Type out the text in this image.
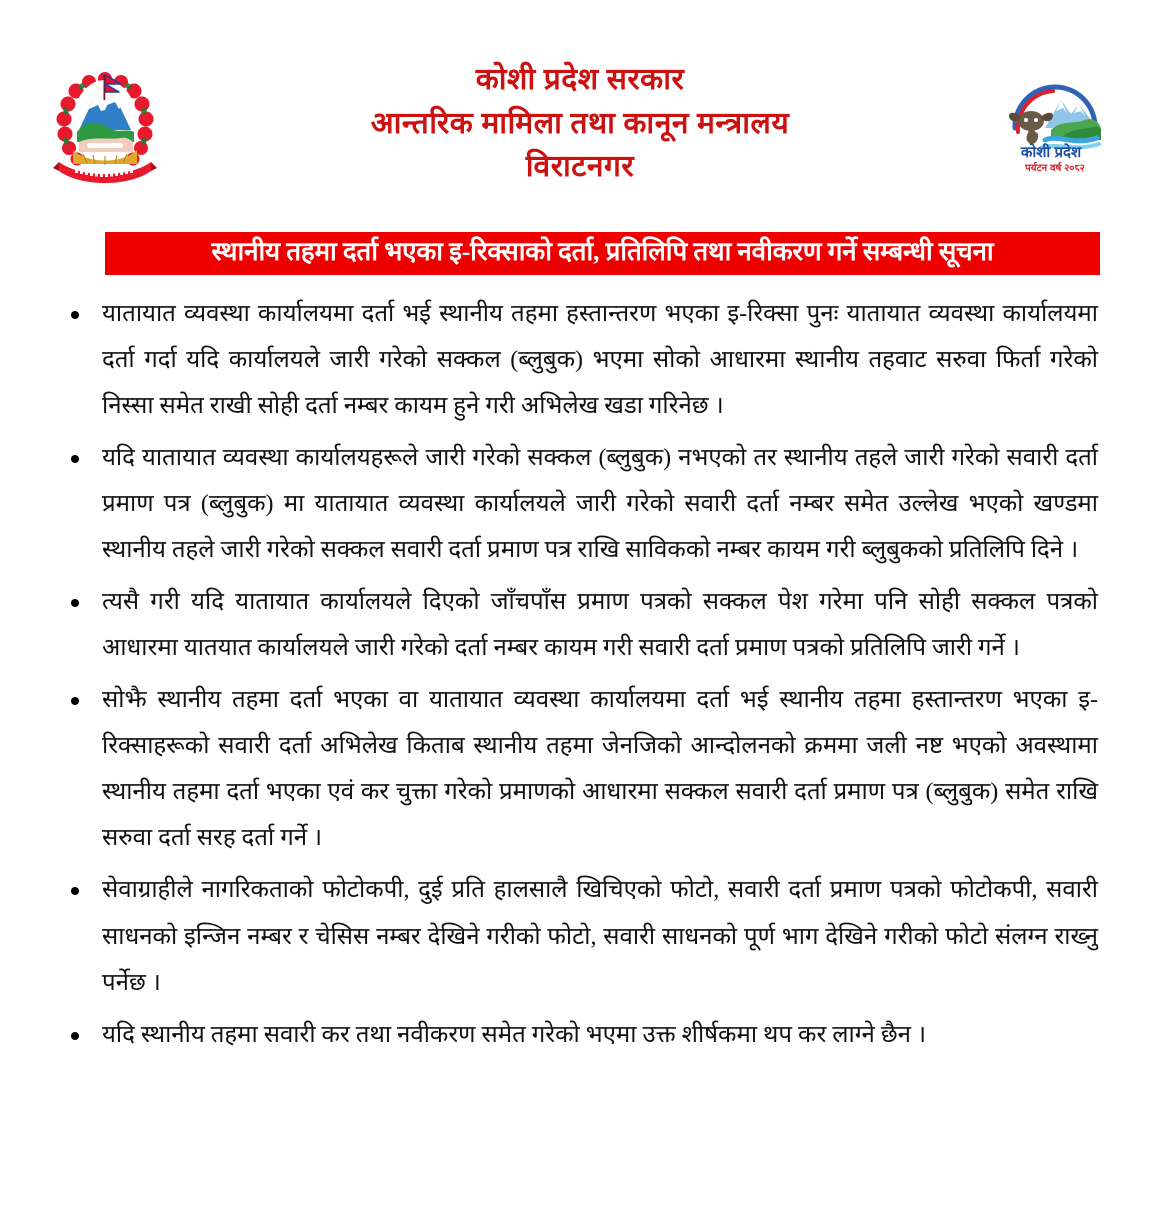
कोशी प्रदेश सरकार
आन्तरिक मामिला तथा कानून मन्त्रालय
विराटनगर	कोशी प्रदेश
पर्यटन वर्ष २०८२
स्थानीय तहमा दर्ता भएका इ-रिक्साको दर्ता, प्रतिलिपि तथा नवीकरण गर्ने सम्बन्धी सूचना
यातायात व्यवस्था कार्यालयमा दर्ता भई स्थानीय तहमा हस्तान्तरण भएका इ-रिक्सा पुनः यातायात व्यवस्था कार्यालयमा दर्ता गर्दा यदि कार्यालयले जारी गरेको सक्कल (ब्लुबुक) भएमा सोको आधारमा स्थानीय तहवाट सरुवा फिर्ता गरेको निस्सा समेत राखी सोही दर्ता नम्बर कायम हुने गरी अभिलेख खडा गरिनेछ ।
यदि यातायात व्यवस्था कार्यालयहरूले जारी गरेको सक्कल (ब्लुबुक) नभएको तर स्थानीय तहले जारी गरेको सवारी दर्ता प्रमाण पत्र (ब्लुबुक) मा यातायात व्यवस्था कार्यालयले जारी गरेको सवारी दर्ता नम्बर समेत उल्लेख भएको खण्डमा स्थानीय तहले जारी गरेको सक्कल सवारी दर्ता प्रमाण पत्र राखि साविकको नम्बर कायम गरी ब्लुबुकको प्रतिलिपि दिने ।
त्यसै गरी यदि यातायात कार्यालयले दिएको जाँचपाँस प्रमाण पत्रको सक्कल पेश गरेमा पनि सोही सक्कल पत्रको आधारमा यातयात कार्यालयले जारी गरेको दर्ता नम्बर कायम गरी सवारी दर्ता प्रमाण पत्रको प्रतिलिपि जारी गर्ने ।
सोझै स्थानीय तहमा दर्ता भएका वा यातायात व्यवस्था कार्यालयमा दर्ता भई स्थानीय तहमा हस्तान्तरण भएका इ-रिक्साहरूको सवारी दर्ता अभिलेख किताब स्थानीय तहमा जेनजिको आन्दोलनको क्रममा जली नष्ट भएको अवस्थामा स्थानीय तहमा दर्ता भएका एवं कर चुक्ता गरेको प्रमाणको आधारमा सक्कल सवारी दर्ता प्रमाण पत्र (ब्लुबुक) समेत राखि सरुवा दर्ता सरह दर्ता गर्ने ।
सेवाग्राहीले नागरिकताको फोटोकपी, दुई प्रति हालसालै खिचिएको फोटो, सवारी दर्ता प्रमाण पत्रको फोटोकपी, सवारी साधनको इन्जिन नम्बर र चेसिस नम्बर देखिने गरीको फोटो, सवारी साधनको पूर्ण भाग देखिने गरीको फोटो संलग्न राख्नु पर्नेछ ।
यदि स्थानीय तहमा सवारी कर तथा नवीकरण समेत गरेको भएमा उक्त शीर्षकमा थप कर लाग्ने छैन ।
